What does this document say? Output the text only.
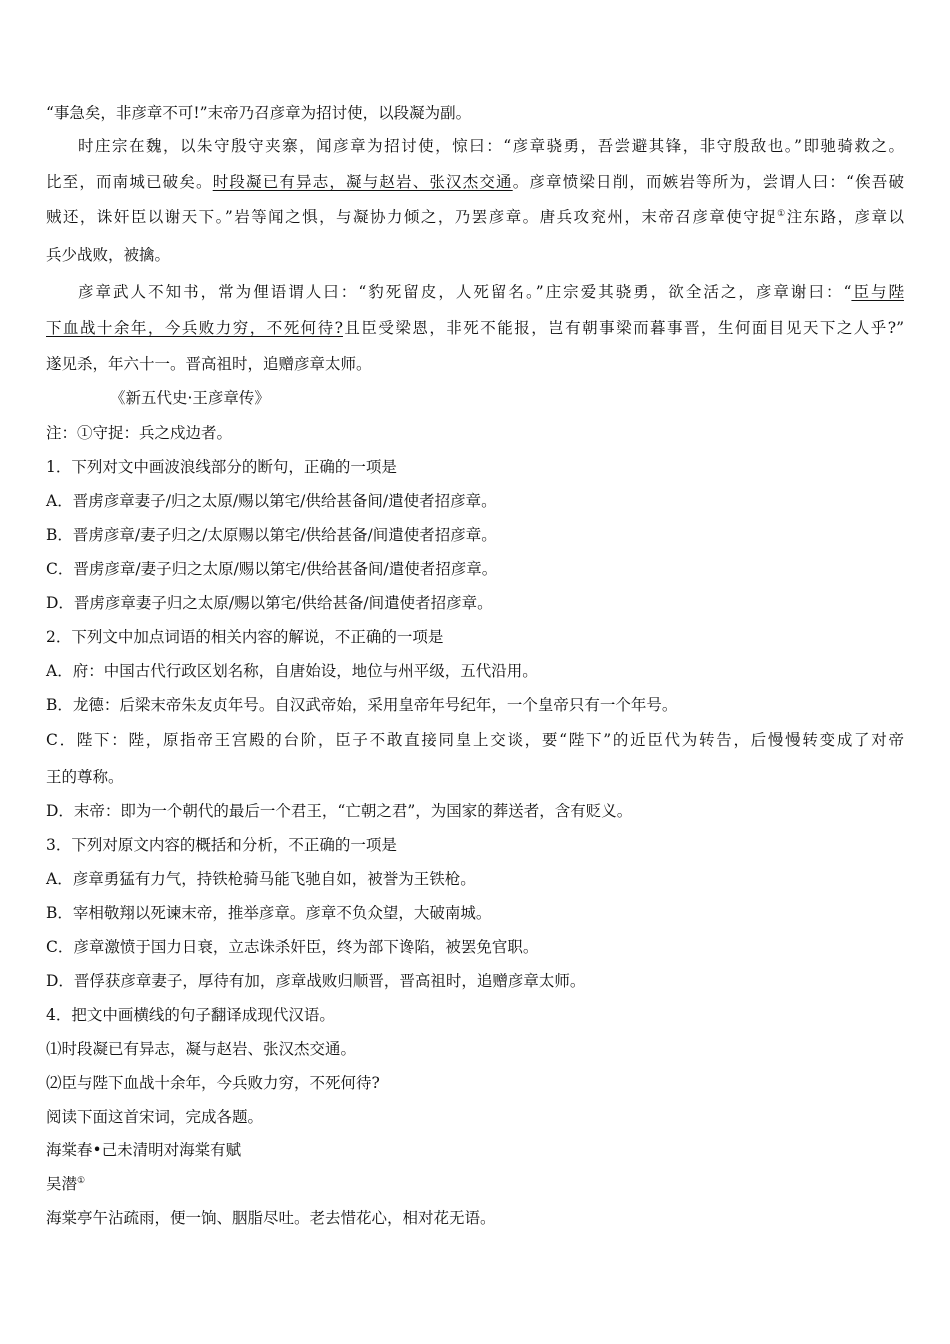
“事急矣，非彦章不可!”末帝乃召彦章为招讨使，以段凝为副。
时庄宗在魏，以朱守殷守夹寨，闻彦章为招讨使，惊曰：“彦章骁勇，吾尝避其锋，非守殷敌也。”即驰骑救之。
比至，而南城已破矣。时段凝已有异志，凝与赵岩、张汉杰交通。彦章愤梁日削，而嫉岩等所为，尝谓人曰：“俟吾破
贼还，诛奸臣以谢天下。”岩等闻之惧，与凝协力倾之，乃罢彦章。唐兵攻兖州，末帝召彦章使守捉①注东路，彦章以
兵少战败，被擒。
彦章武人不知书，常为俚语谓人曰：“豹死留皮，人死留名。”庄宗爱其骁勇，欲全活之，彦章谢曰：“臣与陛
下血战十余年，今兵败力穷，不死何待?且臣受梁恩，非死不能报，岂有朝事梁而暮事晋，生何面目见天下之人乎?”
遂见杀，年六十一。晋高祖时，追赠彦章太师。
《新五代史·王彦章传》
注：①守捉：兵之戍边者。
1．下列对文中画波浪线部分的断句，正确的一项是
A．晋虏彦章妻子/归之太原/赐以第宅/供给甚备间/遣使者招彦章。
B．晋虏彦章/妻子归之/太原赐以第宅/供给甚备/间遣使者招彦章。
C．晋虏彦章/妻子归之太原/赐以第宅/供给甚备间/遣使者招彦章。
D．晋虏彦章妻子归之太原/赐以第宅/供给甚备/间遣使者招彦章。
2．下列文中加点词语的相关内容的解说，不正确的一项是
A．府：中国古代行政区划名称，自唐始设，地位与州平级，五代沿用。
B．龙德：后梁末帝朱友贞年号。自汉武帝始，采用皇帝年号纪年，一个皇帝只有一个年号。
C．陛下：陛，原指帝王宫殿的台阶，臣子不敢直接同皇上交谈，要“陛下”的近臣代为转告，后慢慢转变成了对帝
王的尊称。
D．末帝：即为一个朝代的最后一个君王，“亡朝之君”，为国家的葬送者，含有贬义。
3．下列对原文内容的概括和分析，不正确的一项是
A．彦章勇猛有力气，持铁枪骑马能飞驰自如，被誉为王铁枪。
B．宰相敬翔以死谏末帝，推举彦章。彦章不负众望，大破南城。
C．彦章激愤于国力日衰，立志诛杀奸臣，终为部下谗陷，被罢免官职。
D．晋俘获彦章妻子，厚待有加，彦章战败归顺晋，晋高祖时，追赠彦章太师。
4．把文中画横线的句子翻译成现代汉语。
⑴时段凝已有异志，凝与赵岩、张汉杰交通。
⑵臣与陛下血战十余年，今兵败力穷，不死何待?
阅读下面这首宋词，完成各题。
海棠春•己未清明对海棠有赋
吴潜①
海棠亭午沾疏雨，便一饷、胭脂尽吐。老去惜花心，相对花无语。
